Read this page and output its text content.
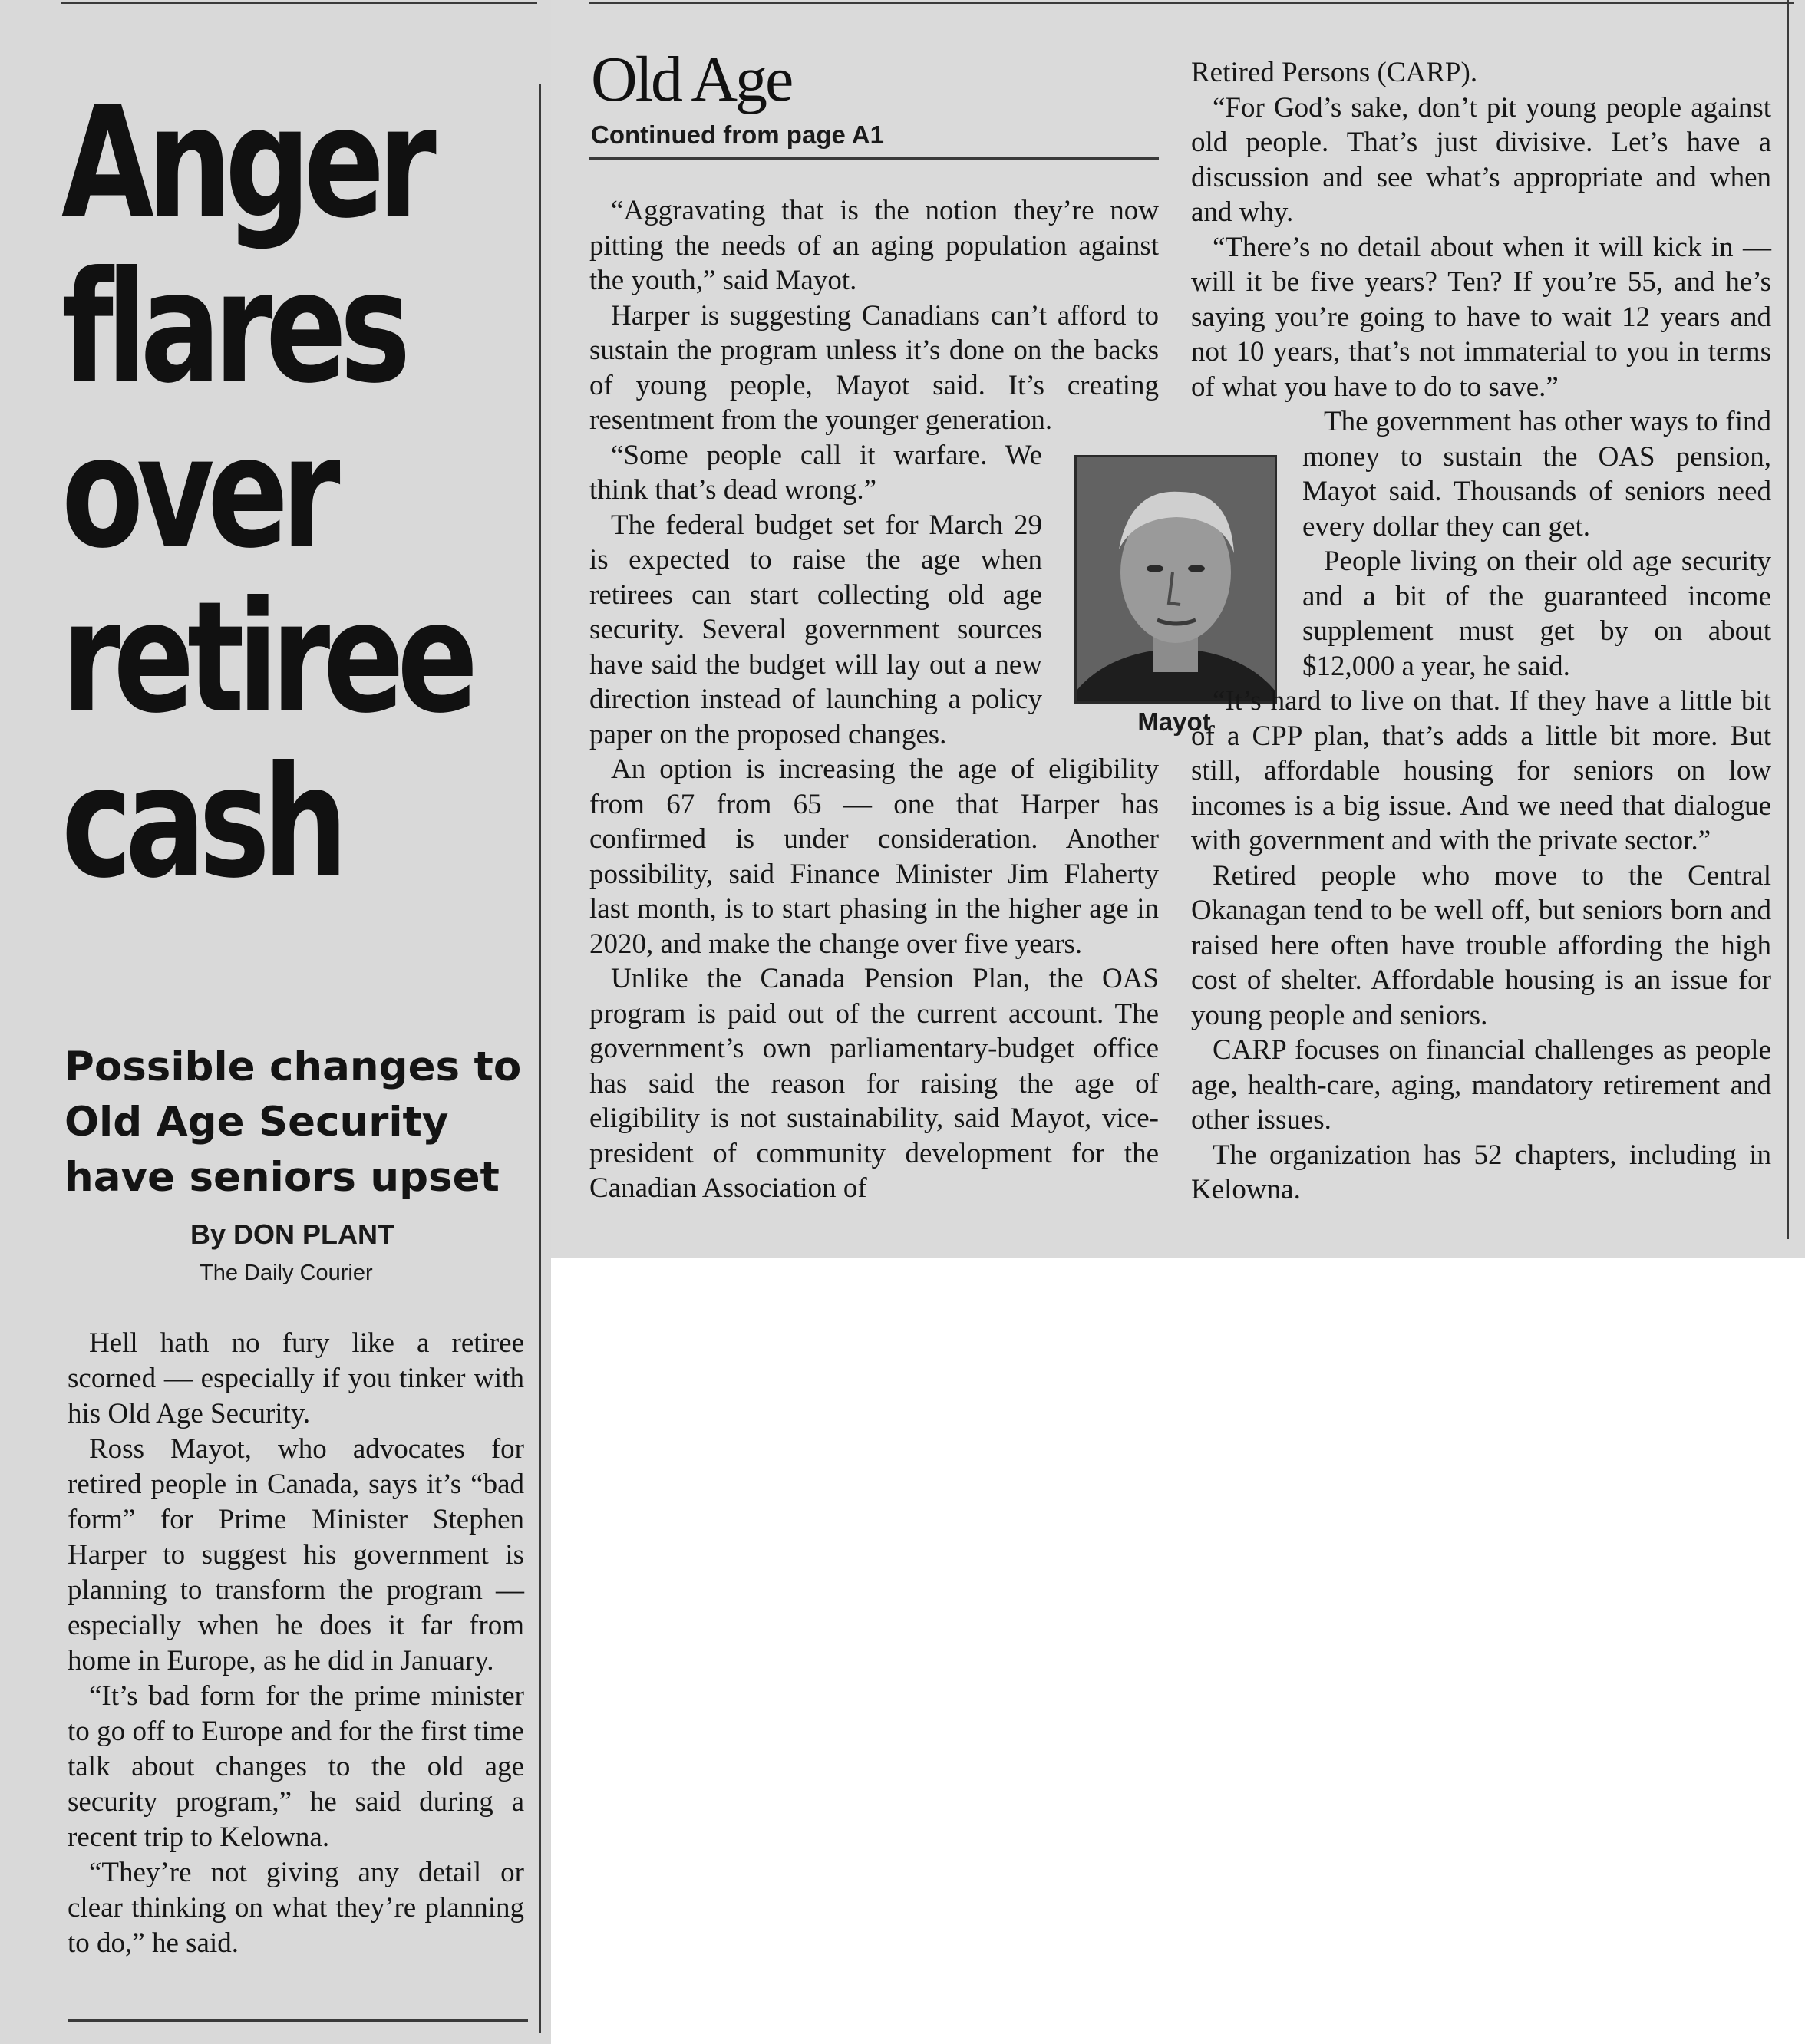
Anger
flares
over
retiree
cash
Possible changes to Old Age Security have seniors upset
By DON PLANT
The Daily Courier

Hell hath no fury like a retiree scorned — especially if you tinker with his Old Age Security.

Ross Mayot, who advocates for retired people in Canada, says it’s “bad form” for Prime Minister Stephen Harper to suggest his government is planning to transform the program — especially when he does it far from home in Europe, as he did in January.

“It’s bad form for the prime minister to go off to Europe and for the first time talk about changes to the old age security program,” he said during a recent trip to Kelowna.

“They’re not giving any detail or clear thinking on what they’re planning to do,” he said.

Old Age
Continued from page A1

“Aggravating that is the notion they’re now pitting the needs of an aging population against the youth,” said Mayot.

Harper is suggesting Canadians can’t afford to sustain the program unless it’s done on the backs of young people, Mayot said. It’s creating resentment from the younger generation.

“Some people call it warfare. We think that’s dead wrong.”

The federal budget set for March 29 is expected to raise the age when retirees can start collecting old age security. Several government sources have said the budget will lay out a new direction instead of launching a policy paper on the proposed changes.

An option is increasing the age of eligibility from 67 from 65 — one that Harper has confirmed is under consideration. Another possibility, said Finance Minister Jim Flaherty last month, is to start phasing in the higher age in 2020, and make the change over five years.

Unlike the Canada Pension Plan, the OAS program is paid out of the current account. The government’s own parliamentary-budget office has said the reason for raising the age of eligibility is not sustainability, said Mayot, vice-president of community development for the Canadian Association of

Mayot

Retired Persons (CARP).

“For God’s sake, don’t pit young people against old people. That’s just divisive. Let’s have a discussion and see what’s appropriate and when and why.

“There’s no detail about when it will kick in — will it be five years? Ten? If you’re 55, and he’s saying you’re going to have to wait 12 years and not 10 years, that’s not immaterial to you in terms of what you have to do to save.”

The government has other ways to find money to sustain the OAS pension, Mayot said. Thousands of seniors need every dollar they can get.

People living on their old age security and a bit of the guaranteed income supplement must get by on about $12,000 a year, he said.

“It’s hard to live on that. If they have a little bit of a CPP plan, that’s adds a little bit more. But still, affordable housing for seniors on low incomes is a big issue. And we need that dialogue with government and with the private sector.”

Retired people who move to the Central Okanagan tend to be well off, but seniors born and raised here often have trouble affording the high cost of shelter. Affordable housing is an issue for young people and seniors.

CARP focuses on financial challenges as people age, health-care, aging, mandatory retirement and other issues.

The organization has 52 chapters, including in Kelowna.
